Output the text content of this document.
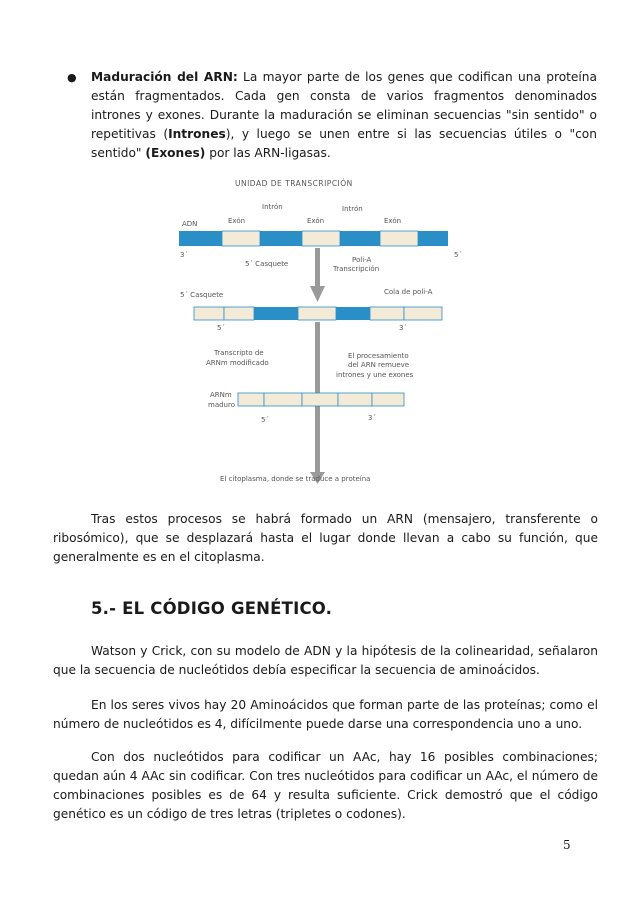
● Maduración del ARN: La mayor parte de los genes que codifican una proteína están fragmentados. Cada gen consta de varios fragmentos denominados intrones y exones. Durante la maduración se eliminan secuencias "sin sentido" o repetitivas (Intrones), y luego se unen entre si las secuencias útiles o "con sentido" (Exones) por las ARN-ligasas.
UNIDAD DE TRANSCRIPCIÓN
Intrón	Intrón
ADN	Exón	Exón	Exón
3´	5´
5´ Casquete	Poli-A
Transcripción
5´ Casquete	Cola de poli-A
5´	3´
Transcripto de
ARNm modificado
El procesamiento
del ARN remueve
intrones y une exones
ARNm
maduro
5´	3´
El citoplasma, donde se traduce a proteína

Tras estos procesos se habrá formado un ARN (mensajero, transferente o ribosómico), que se desplazará hasta el lugar donde llevan a cabo su función, que generalmente es en el citoplasma.

5.- EL CÓDIGO GENÉTICO.

Watson y Crick, con su modelo de ADN y la hipótesis de la colinearidad, señalaron que la secuencia de nucleótidos debía especificar la secuencia de aminoácidos.

En los seres vivos hay 20 Aminoácidos que forman parte de las proteínas; como el número de nucleótidos es 4, difícilmente puede darse una correspondencia uno a uno.

Con dos nucleótidos para codificar un AAc, hay 16 posibles combinaciones; quedan aún 4 AAc sin codificar. Con tres nucleótidos para codificar un AAc, el número de combinaciones posibles es de 64 y resulta suficiente. Crick demostró que el código genético es un código de tres letras (tripletes o codones).

5
